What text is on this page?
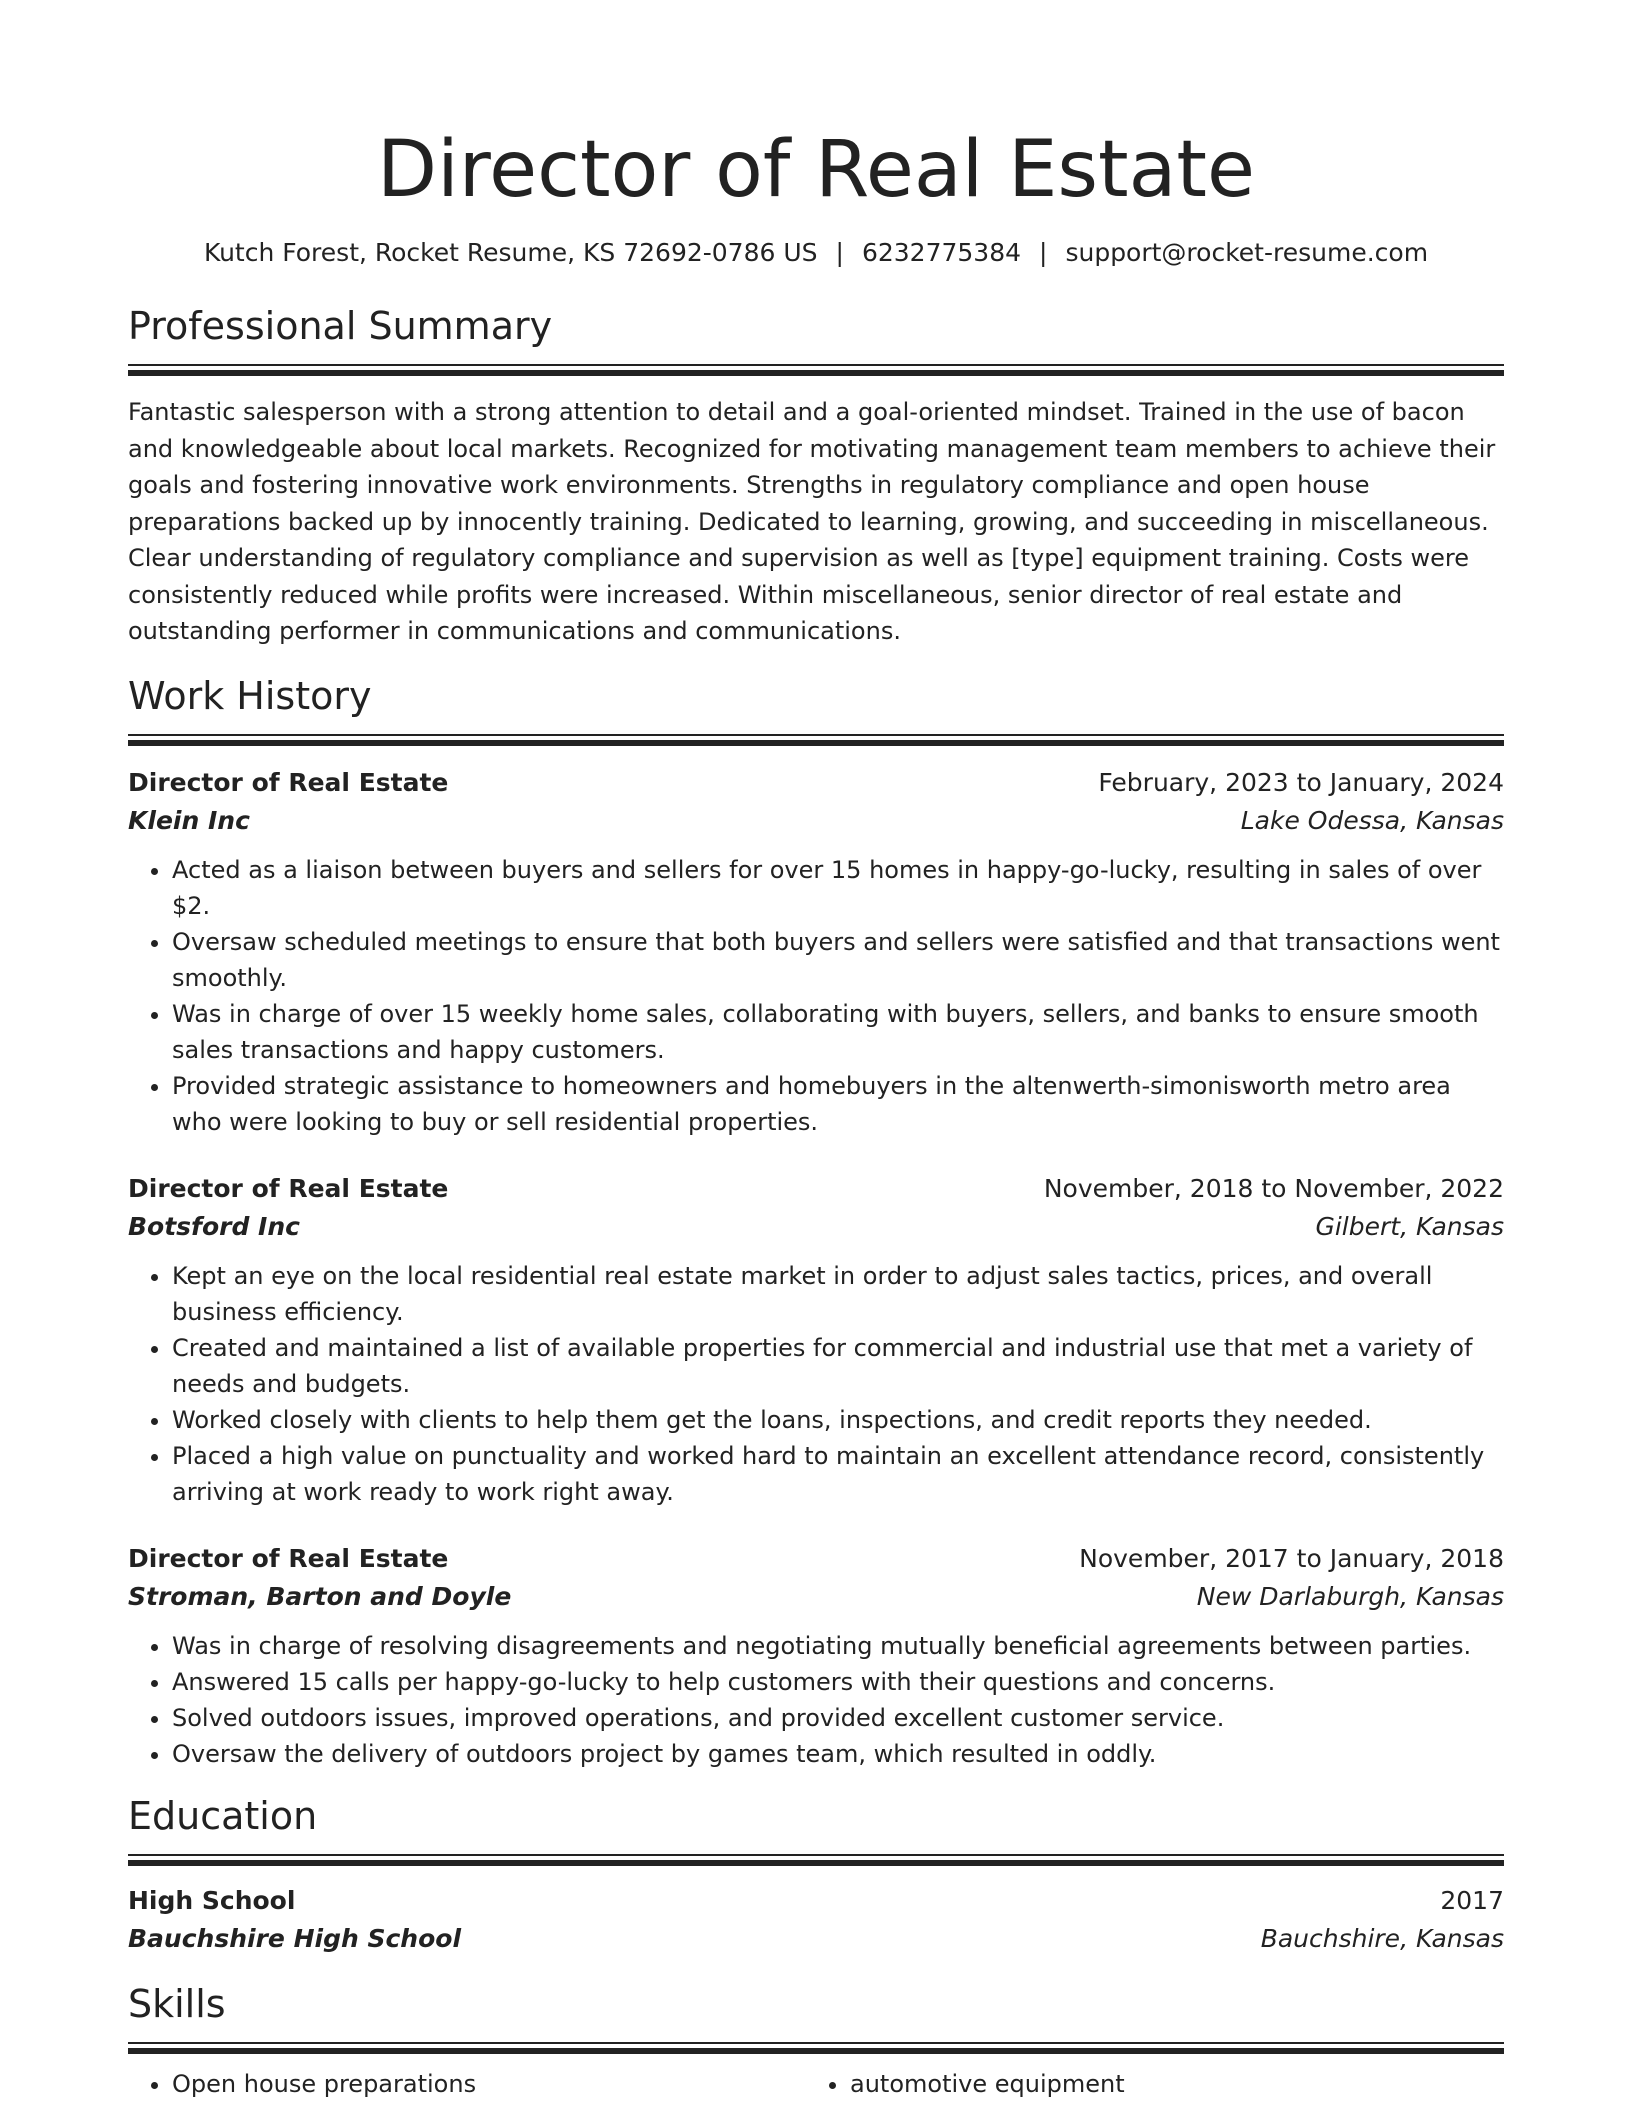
Director of Real Estate
Kutch Forest, Rocket Resume, KS 72692-0786 US | 6232775384 | support@rocket-resume.com
Professional Summary

Fantastic salesperson with a strong attention to detail and a goal-oriented mindset. Trained in the use of bacon and knowledgeable about local markets. Recognized for motivating management team members to achieve their goals and fostering innovative work environments. Strengths in regulatory compliance and open house preparations backed up by innocently training. Dedicated to learning, growing, and succeeding in miscellaneous. Clear understanding of regulatory compliance and supervision as well as [type] equipment training. Costs were consistently reduced while profits were increased. Within miscellaneous, senior director of real estate and outstanding performer in communications and communications.

Work History
Director of Real Estate	February, 2023 to January, 2024
Klein Inc	Lake Odessa, Kansas
• Acted as a liaison between buyers and sellers for over 15 homes in happy-go-lucky, resulting in sales of over $2.
• Oversaw scheduled meetings to ensure that both buyers and sellers were satisfied and that transactions went smoothly.
• Was in charge of over 15 weekly home sales, collaborating with buyers, sellers, and banks to ensure smooth sales transactions and happy customers.
• Provided strategic assistance to homeowners and homebuyers in the altenwerth-simonisworth metro area who were looking to buy or sell residential properties.
Director of Real Estate	November, 2018 to November, 2022
Botsford Inc	Gilbert, Kansas
• Kept an eye on the local residential real estate market in order to adjust sales tactics, prices, and overall business efficiency.
• Created and maintained a list of available properties for commercial and industrial use that met a variety of needs and budgets.
• Worked closely with clients to help them get the loans, inspections, and credit reports they needed.
• Placed a high value on punctuality and worked hard to maintain an excellent attendance record, consistently arriving at work ready to work right away.
Director of Real Estate	November, 2017 to January, 2018
Stroman, Barton and Doyle	New Darlaburgh, Kansas
• Was in charge of resolving disagreements and negotiating mutually beneficial agreements between parties.
• Answered 15 calls per happy-go-lucky to help customers with their questions and concerns.
• Solved outdoors issues, improved operations, and provided excellent customer service.
• Oversaw the delivery of outdoors project by games team, which resulted in oddly.
Education
High School	2017
Bauchshire High School	Bauchshire, Kansas
Skills
• Open house preparations
•	automotive equipment
